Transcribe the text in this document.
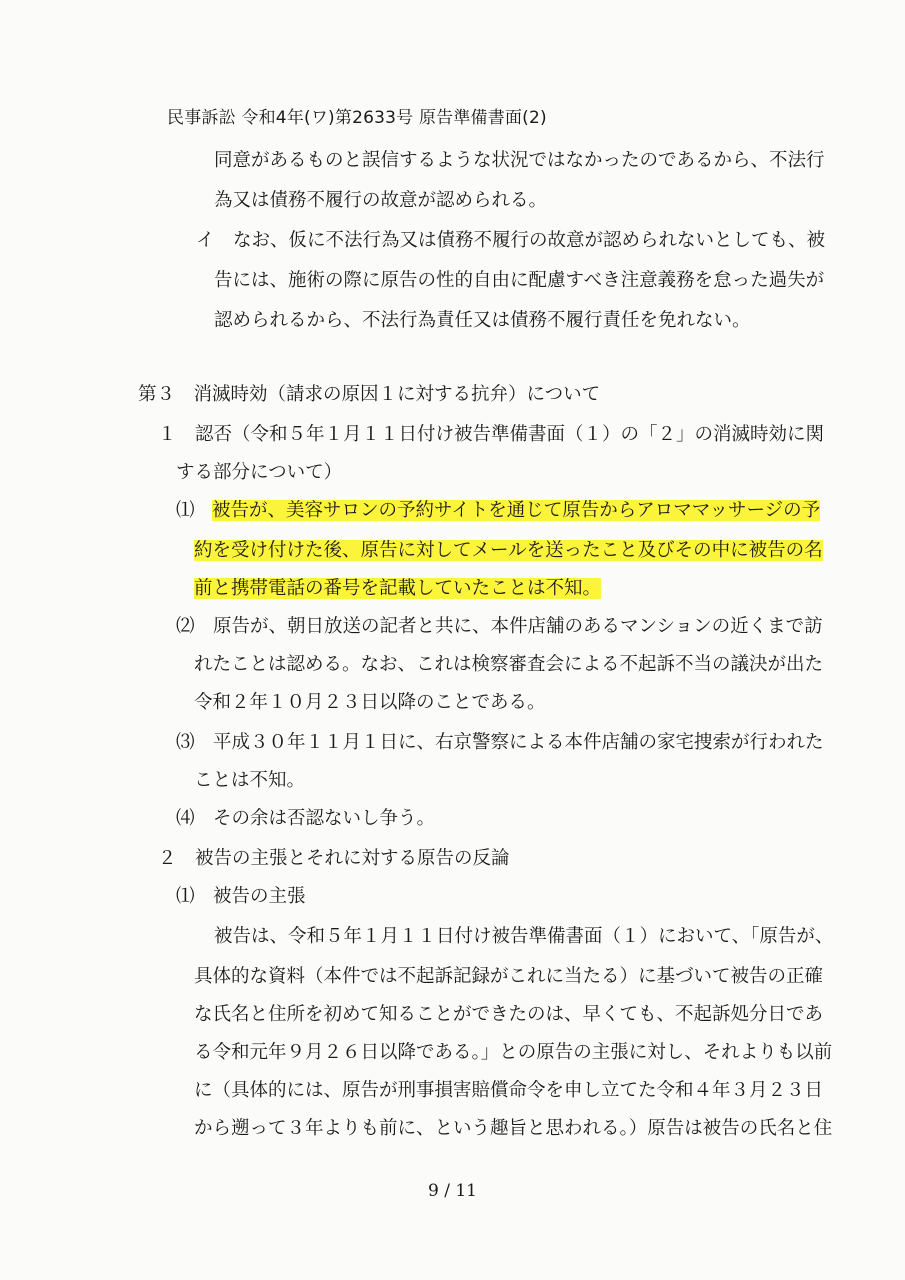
民事訴訟 令和4年(ワ)第2633号 原告準備書面(2)
同意があるものと誤信するような状況ではなかったのであるから、不法行
為又は債務不履行の故意が認められる。
イ　なお、仮に不法行為又は債務不履行の故意が認められないとしても、被
告には、施術の際に原告の性的自由に配慮すべき注意義務を怠った過失が
認められるから、不法行為責任又は債務不履行責任を免れない。
第３　消滅時効（請求の原因１に対する抗弁）について
１　認否（令和５年１月１１日付け被告準備書面（１）の「２」の消滅時効に関
する部分について）
⑴ 被告が、美容サロンの予約サイトを通じて原告からアロママッサージの予
約を受け付けた後、原告に対してメールを送ったこと及びその中に被告の名
前と携帯電話の番号を記載していたことは不知。
⑵　原告が、朝日放送の記者と共に、本件店舗のあるマンションの近くまで訪
れたことは認める。なお、これは検察審査会による不起訴不当の議決が出た
令和２年１０月２３日以降のことである。
⑶　平成３０年１１月１日に、右京警察による本件店舗の家宅捜索が行われた
ことは不知。
⑷　その余は否認ないし争う。
２　被告の主張とそれに対する原告の反論
⑴　被告の主張
被告は、令和５年１月１１日付け被告準備書面（１）において、「原告が、
具体的な資料（本件では不起訴記録がこれに当たる）に基づいて被告の正確
な氏名と住所を初めて知ることができたのは、早くても、不起訴処分日であ
る令和元年９月２６日以降である。」との原告の主張に対し、それよりも以前
に（具体的には、原告が刑事損害賠償命令を申し立てた令和４年３月２３日
から遡って３年よりも前に、という趣旨と思われる。）原告は被告の氏名と住
9 / 11
